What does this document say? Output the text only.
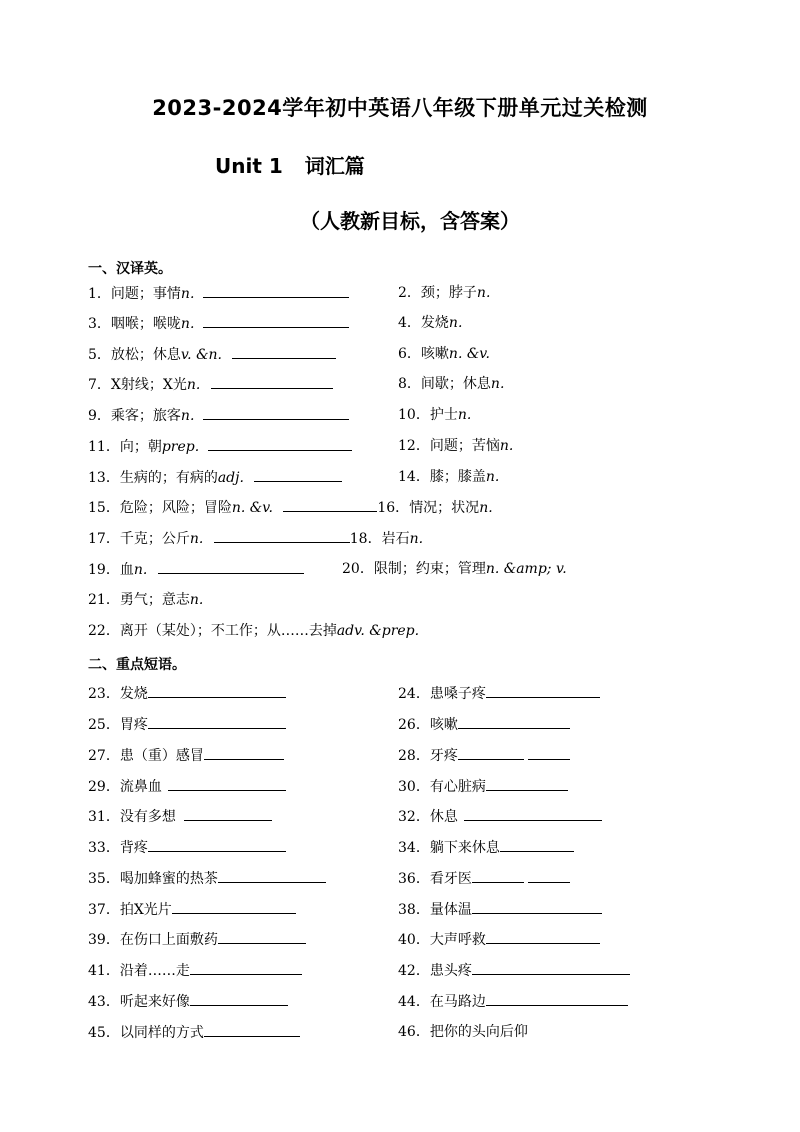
2023-2024学年初中英语八年级下册单元过关检测
Unit 1 词汇篇
（人教新目标，含答案）
一、汉译英。
1．问题；事情n.	2．颈；脖子n.
3．咽喉；喉咙n.	4．发烧n.
5．放松；休息v. &n.	6．咳嗽n. &v.
7．X射线；X光n.	8．间歇；休息n.
9．乘客；旅客n.	10．护士n.
11．向；朝prep.	12．问题；苦恼n.
13．生病的；有病的adj.	14．膝；膝盖n.
15．危险；风险；冒险n. &v.	16．情况；状况n.
17．千克；公斤n.	18．岩石n.
19．血n.	20．限制；约束；管理n. &amp; v.
21．勇气；意志n.
22．离开（某处）；不工作；从……去掉adv. &prep.
二、重点短语。
23．发烧	24．患嗓子疼
25．胃疼	26．咳嗽
27．患（重）感冒	28．牙疼
29．流鼻血	30．有心脏病
31．没有多想	32．休息
33．背疼	34．躺下来休息
35．喝加蜂蜜的热茶	36．看牙医
37．拍X光片	38．量体温
39．在伤口上面敷药	40．大声呼救
41．沿着……走	42．患头疼
43．听起来好像	44．在马路边
45．以同样的方式	46．把你的头向后仰
